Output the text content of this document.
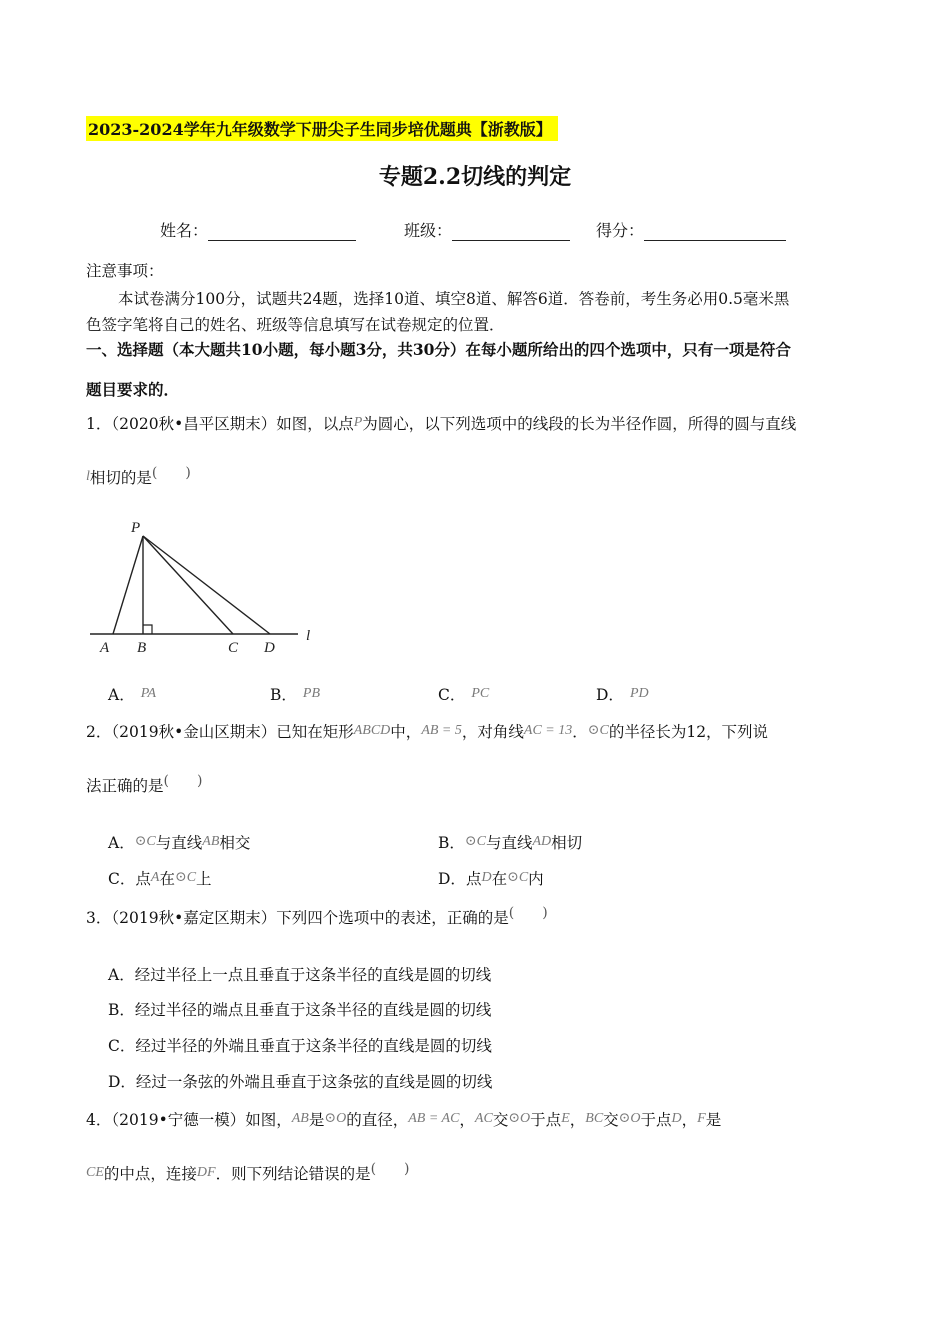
2023-2024学年九年级数学下册尖子生同步培优题典【浙教版】
专题2.2切线的判定
姓名：	班级：	得分：
注意事项：
本试卷满分100分，试题共24题，选择10道、填空8道、解答6道．答卷前，考生务必用0.5毫米黑
色签字笔将自己的姓名、班级等信息填写在试卷规定的位置．
一、选择题（本大题共10小题，每小题3分，共30分）在每小题所给出的四个选项中，只有一项是符合
题目要求的．
1．（2020秋•昌平区期末）如图，以点P为圆心，以下列选项中的线段的长为半径作圆，所得的圆与直线
l相切的是(　　)
P
A B	C D
l
A． PA	B． PB	C． PC	D． PD
2．（2019秋•金山区期末）已知在矩形ABCD中，AB = 5，对角线AC = 13．⊙C的半径长为12，下列说
法正确的是(　　)
A．⊙C与直线AB相交	B．⊙C与直线AD相切
C．点A在⊙C上	D．点D在⊙C内
3．（2019秋•嘉定区期末）下列四个选项中的表述，正确的是(　　)
A．经过半径上一点且垂直于这条半径的直线是圆的切线
B．经过半径的端点且垂直于这条半径的直线是圆的切线
C．经过半径的外端且垂直于这条半径的直线是圆的切线
D．经过一条弦的外端且垂直于这条弦的直线是圆的切线
4．（2019•宁德一模）如图，AB是⊙O的直径，AB = AC，AC交⊙O于点E，BC交⊙O于点D，F是
CE的中点，连接DF．则下列结论错误的是(　　)
